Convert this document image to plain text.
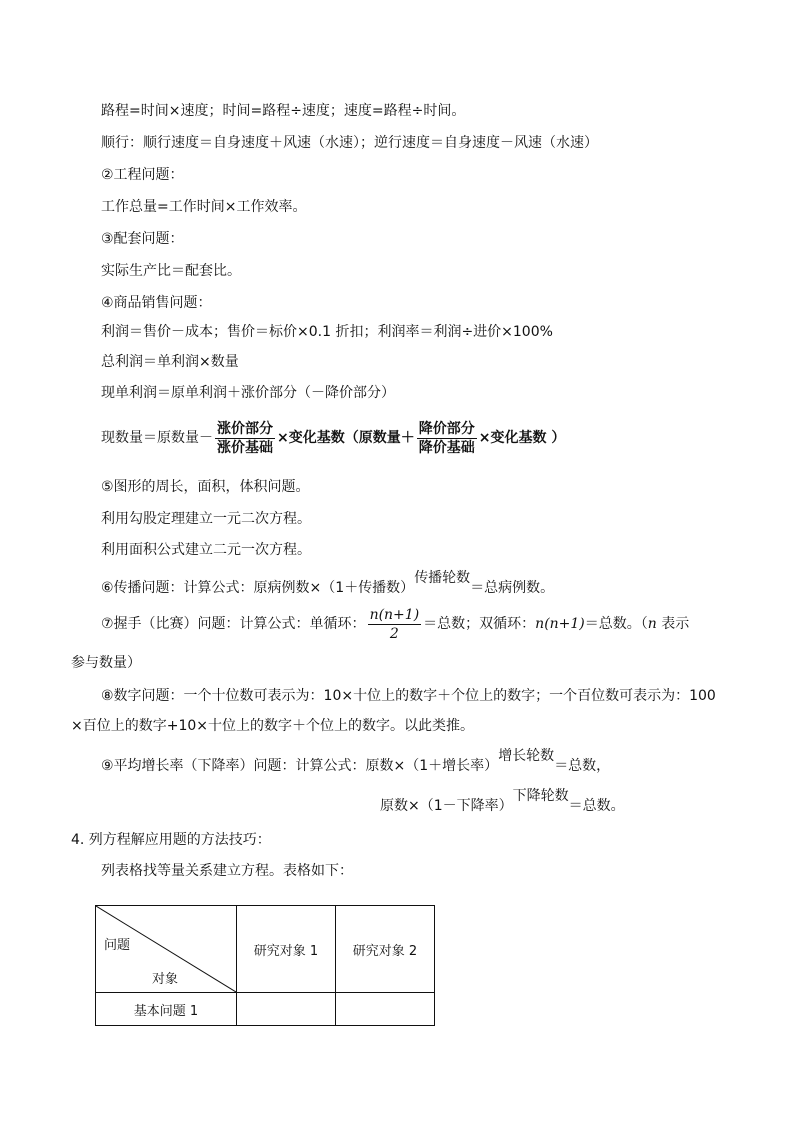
路程=时间×速度；时间=路程÷速度；速度=路程÷时间。
顺行：顺行速度＝自身速度＋风速（水速）；逆行速度＝自身速度－风速（水速）
②工程问题：
工作总量=工作时间×工作效率。
③配套问题：
实际生产比＝配套比。
④商品销售问题：
利润＝售价－成本；售价＝标价×0.1 折扣；利润率＝利润÷进价×100%
总利润＝单利润×数量
现单利润＝原单利润＋涨价部分（－降价部分）
现数量＝原数量－ $\frac{\text{涨价部分}}{\text{涨价基础}}$ ×变化基数（原数量＋ $\frac{\text{降价部分}}{\text{降价基础}}$ ×变化基数 ）
⑤图形的周长，面积，体积问题。
利用勾股定理建立一元二次方程。
利用面积公式建立二元一次方程。
⑥传播问题：计算公式：原病例数×（1＋传播数）传播轮数＝总病例数。
⑦握手（比赛）问题：计算公式：单循环： $\frac{n(n+1)}{2}$ ＝总数；双循环：n(n+1)＝总数。（n 表示
参与数量）
⑧数字问题：一个十位数可表示为：10×十位上的数字＋个位上的数字；一个百位数可表示为：100
×百位上的数字+10×十位上的数字＋个位上的数字。以此类推。
⑨平均增长率（下降率）问题：计算公式：原数×（1＋增长率）增长轮数＝总数，
原数×（1－下降率）下降轮数＝总数。
4. 列方程解应用题的方法技巧：
列表格找等量关系建立方程。表格如下：
问题
对象	研究对象 1	研究对象 2
基本问题 1		
